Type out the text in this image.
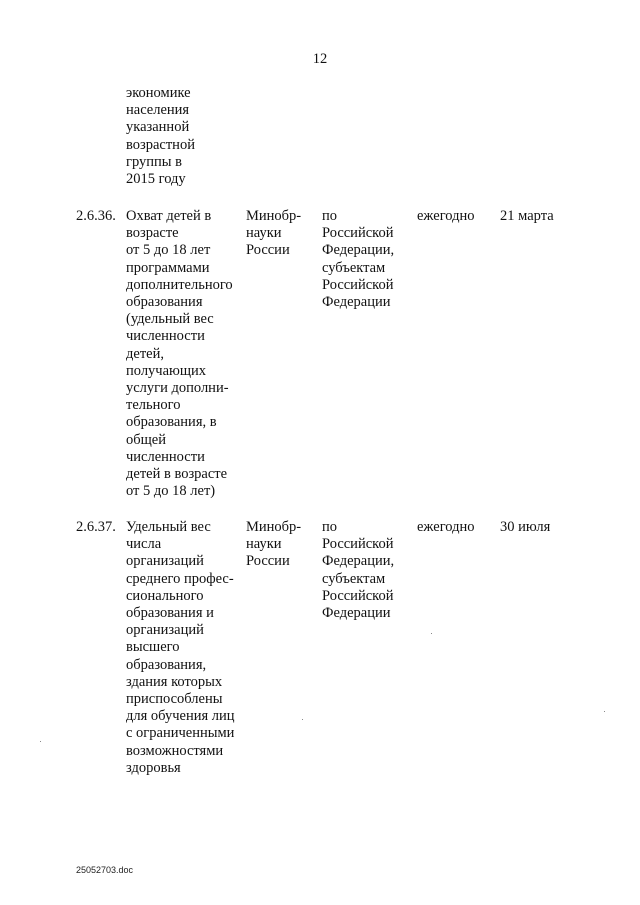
12
экономике
населения
указанной
возрастной
группы в
2015 году
2.6.36. Охват детей в
возрасте
от 5 до 18 лет
программами
дополнительного
образования
(удельный вес
численности
детей,
получающих
услуги дополни-
тельного
образования, в
общей
численности
детей в возрасте
от 5 до 18 лет)
Минобр-
науки
России
по
Российской
Федерации,
субъектам
Российской
Федерации
ежегодно	21 марта
2.6.37. Удельный вес
числа
организаций
среднего профес-
сионального
образования и
организаций
высшего
образования,
здания которых
приспособлены
для обучения лиц
с ограниченными
возможностями
здоровья
Минобр-
науки
России
по
Российской
Федерации,
субъектам
Российской
Федерации
ежегодно	30 июля
25052703.doc
